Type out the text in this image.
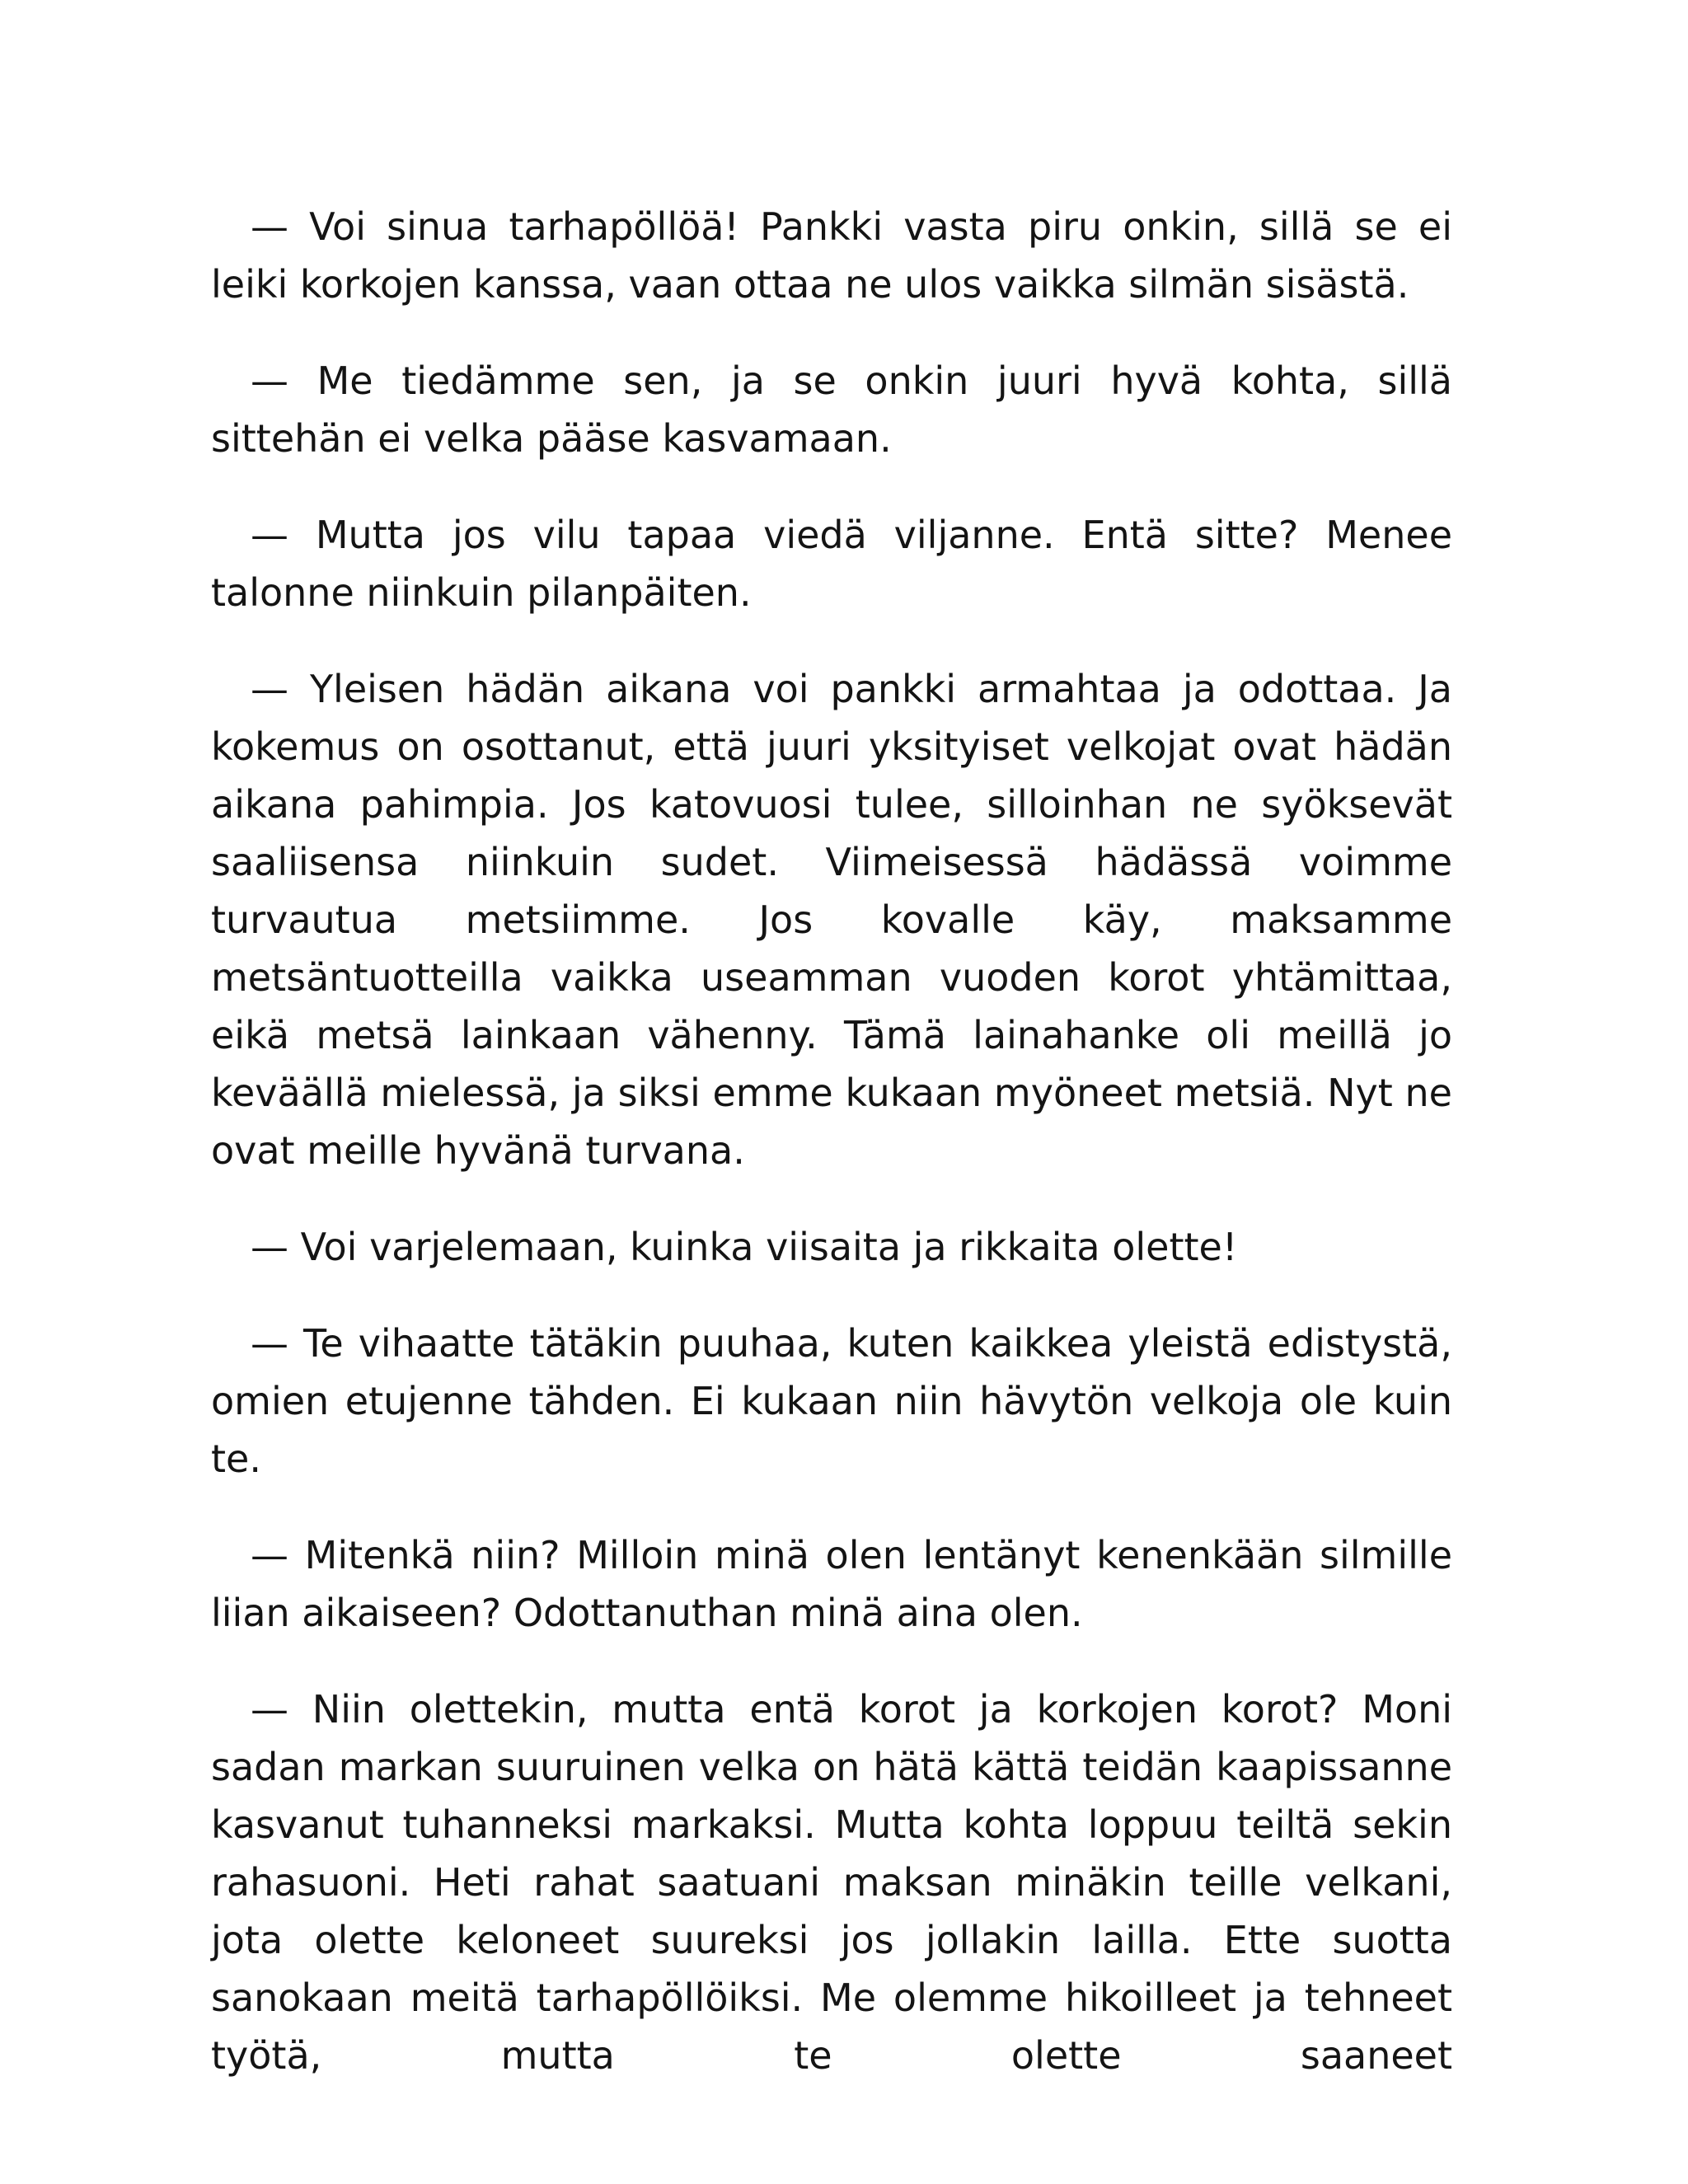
— Voi sinua tarhapöllöä! Pankki vasta piru onkin, sillä se ei leiki korkojen kanssa, vaan ottaa ne ulos vaikka silmän sisästä.

— Me tiedämme sen, ja se onkin juuri hyvä kohta, sillä sittehän ei velka pääse kasvamaan.

— Mutta jos vilu tapaa viedä viljanne. Entä sitte? Menee talonne niinkuin pilanpäiten.

— Yleisen hädän aikana voi pankki armahtaa ja odottaa. Ja kokemus on osottanut, että juuri yksityiset velkojat ovat hädän aikana pahimpia. Jos katovuosi tulee, silloinhan ne syöksevät saaliisensa niinkuin sudet. Viimeisessä hädässä voimme turvautua metsiimme. Jos kovalle käy, maksamme metsäntuotteilla vaikka useamman vuoden korot yhtämittaa, eikä metsä lainkaan vähenny. Tämä lainahanke oli meillä jo keväällä mielessä, ja siksi emme kukaan myöneet metsiä. Nyt ne ovat meille hyvänä turvana.

— Voi varjelemaan, kuinka viisaita ja rikkaita olette!

— Te vihaatte tätäkin puuhaa, kuten kaikkea yleistä edistystä, omien etujenne tähden. Ei kukaan niin hävytön velkoja ole kuin te.

— Mitenkä niin? Milloin minä olen lentänyt kenenkään silmille liian aikaiseen? Odottanuthan minä aina olen.

— Niin olettekin, mutta entä korot ja korkojen korot? Moni sadan markan suuruinen velka on hätä kättä teidän kaapissanne kasvanut tuhanneksi markaksi. Mutta kohta loppuu teiltä sekin rahasuoni. Heti rahat saatuani maksan minäkin teille velkani, jota olette keloneet suureksi jos jollakin lailla. Ette suotta sanokaan meitä tarhapöllöiksi. Me olemme hikoilleet ja tehneet työtä, mutta te olette saaneet
